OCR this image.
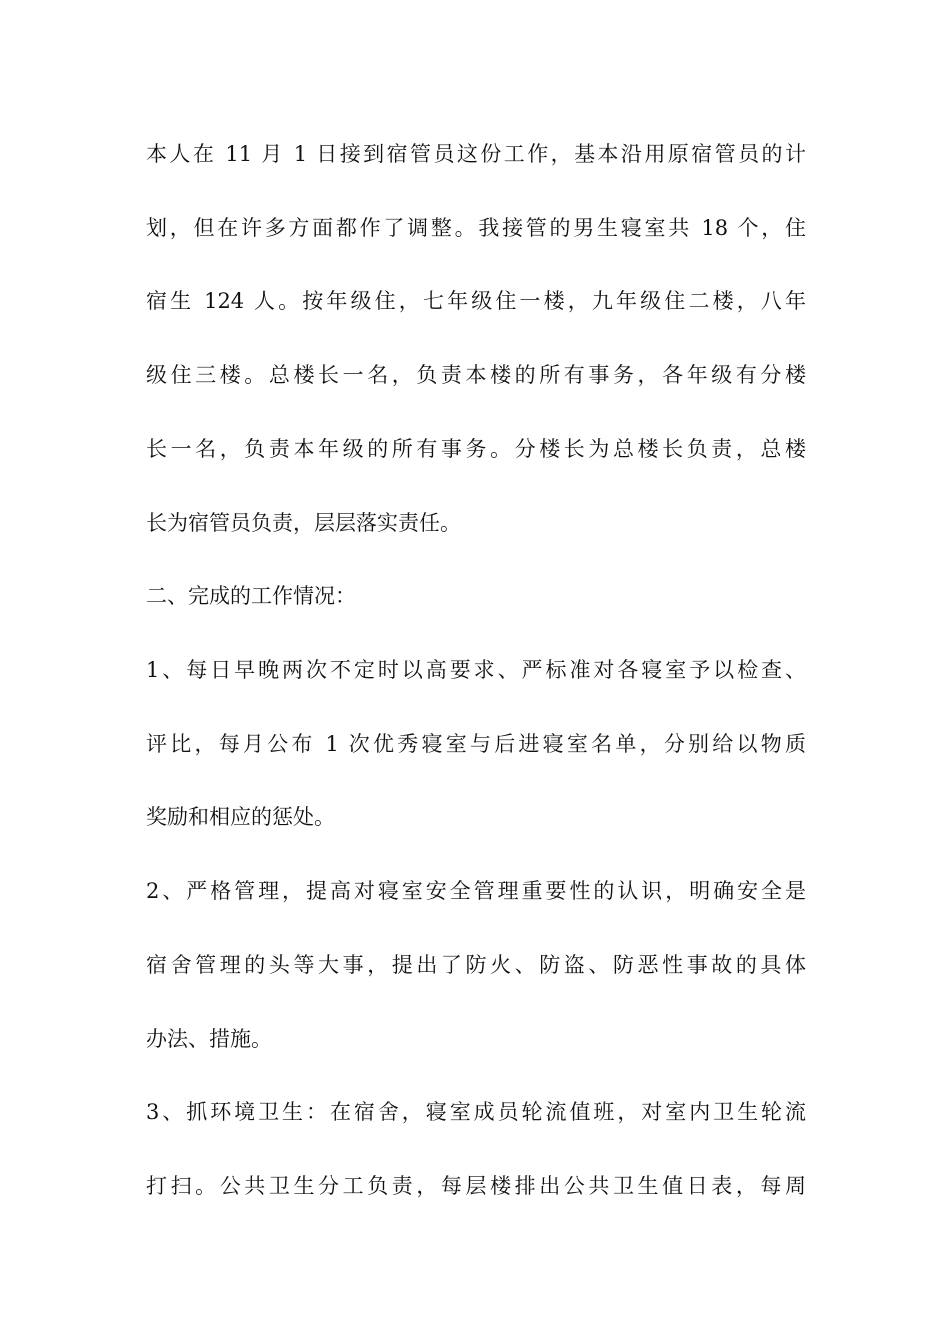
本人在 11 月 1 日接到宿管员这份工作，基本沿用原宿管员的计
划，但在许多方面都作了调整。我接管的男生寝室共 18 个，住
宿生 124 人。按年级住，七年级住一楼，九年级住二楼，八年
级住三楼。总楼长一名，负责本楼的所有事务，各年级有分楼
长一名，负责本年级的所有事务。分楼长为总楼长负责，总楼
长为宿管员负责，层层落实责任。
二、完成的工作情况：
1、每日早晚两次不定时以高要求、严标准对各寝室予以检查、
评比，每月公布 1 次优秀寝室与后进寝室名单，分别给以物质
奖励和相应的惩处。
2、严格管理，提高对寝室安全管理重要性的认识，明确安全是
宿舍管理的头等大事，提出了防火、防盗、防恶性事故的具体
办法、措施。
3、抓环境卫生：在宿舍，寝室成员轮流值班，对室内卫生轮流
打扫。公共卫生分工负责，每层楼排出公共卫生值日表，每周
